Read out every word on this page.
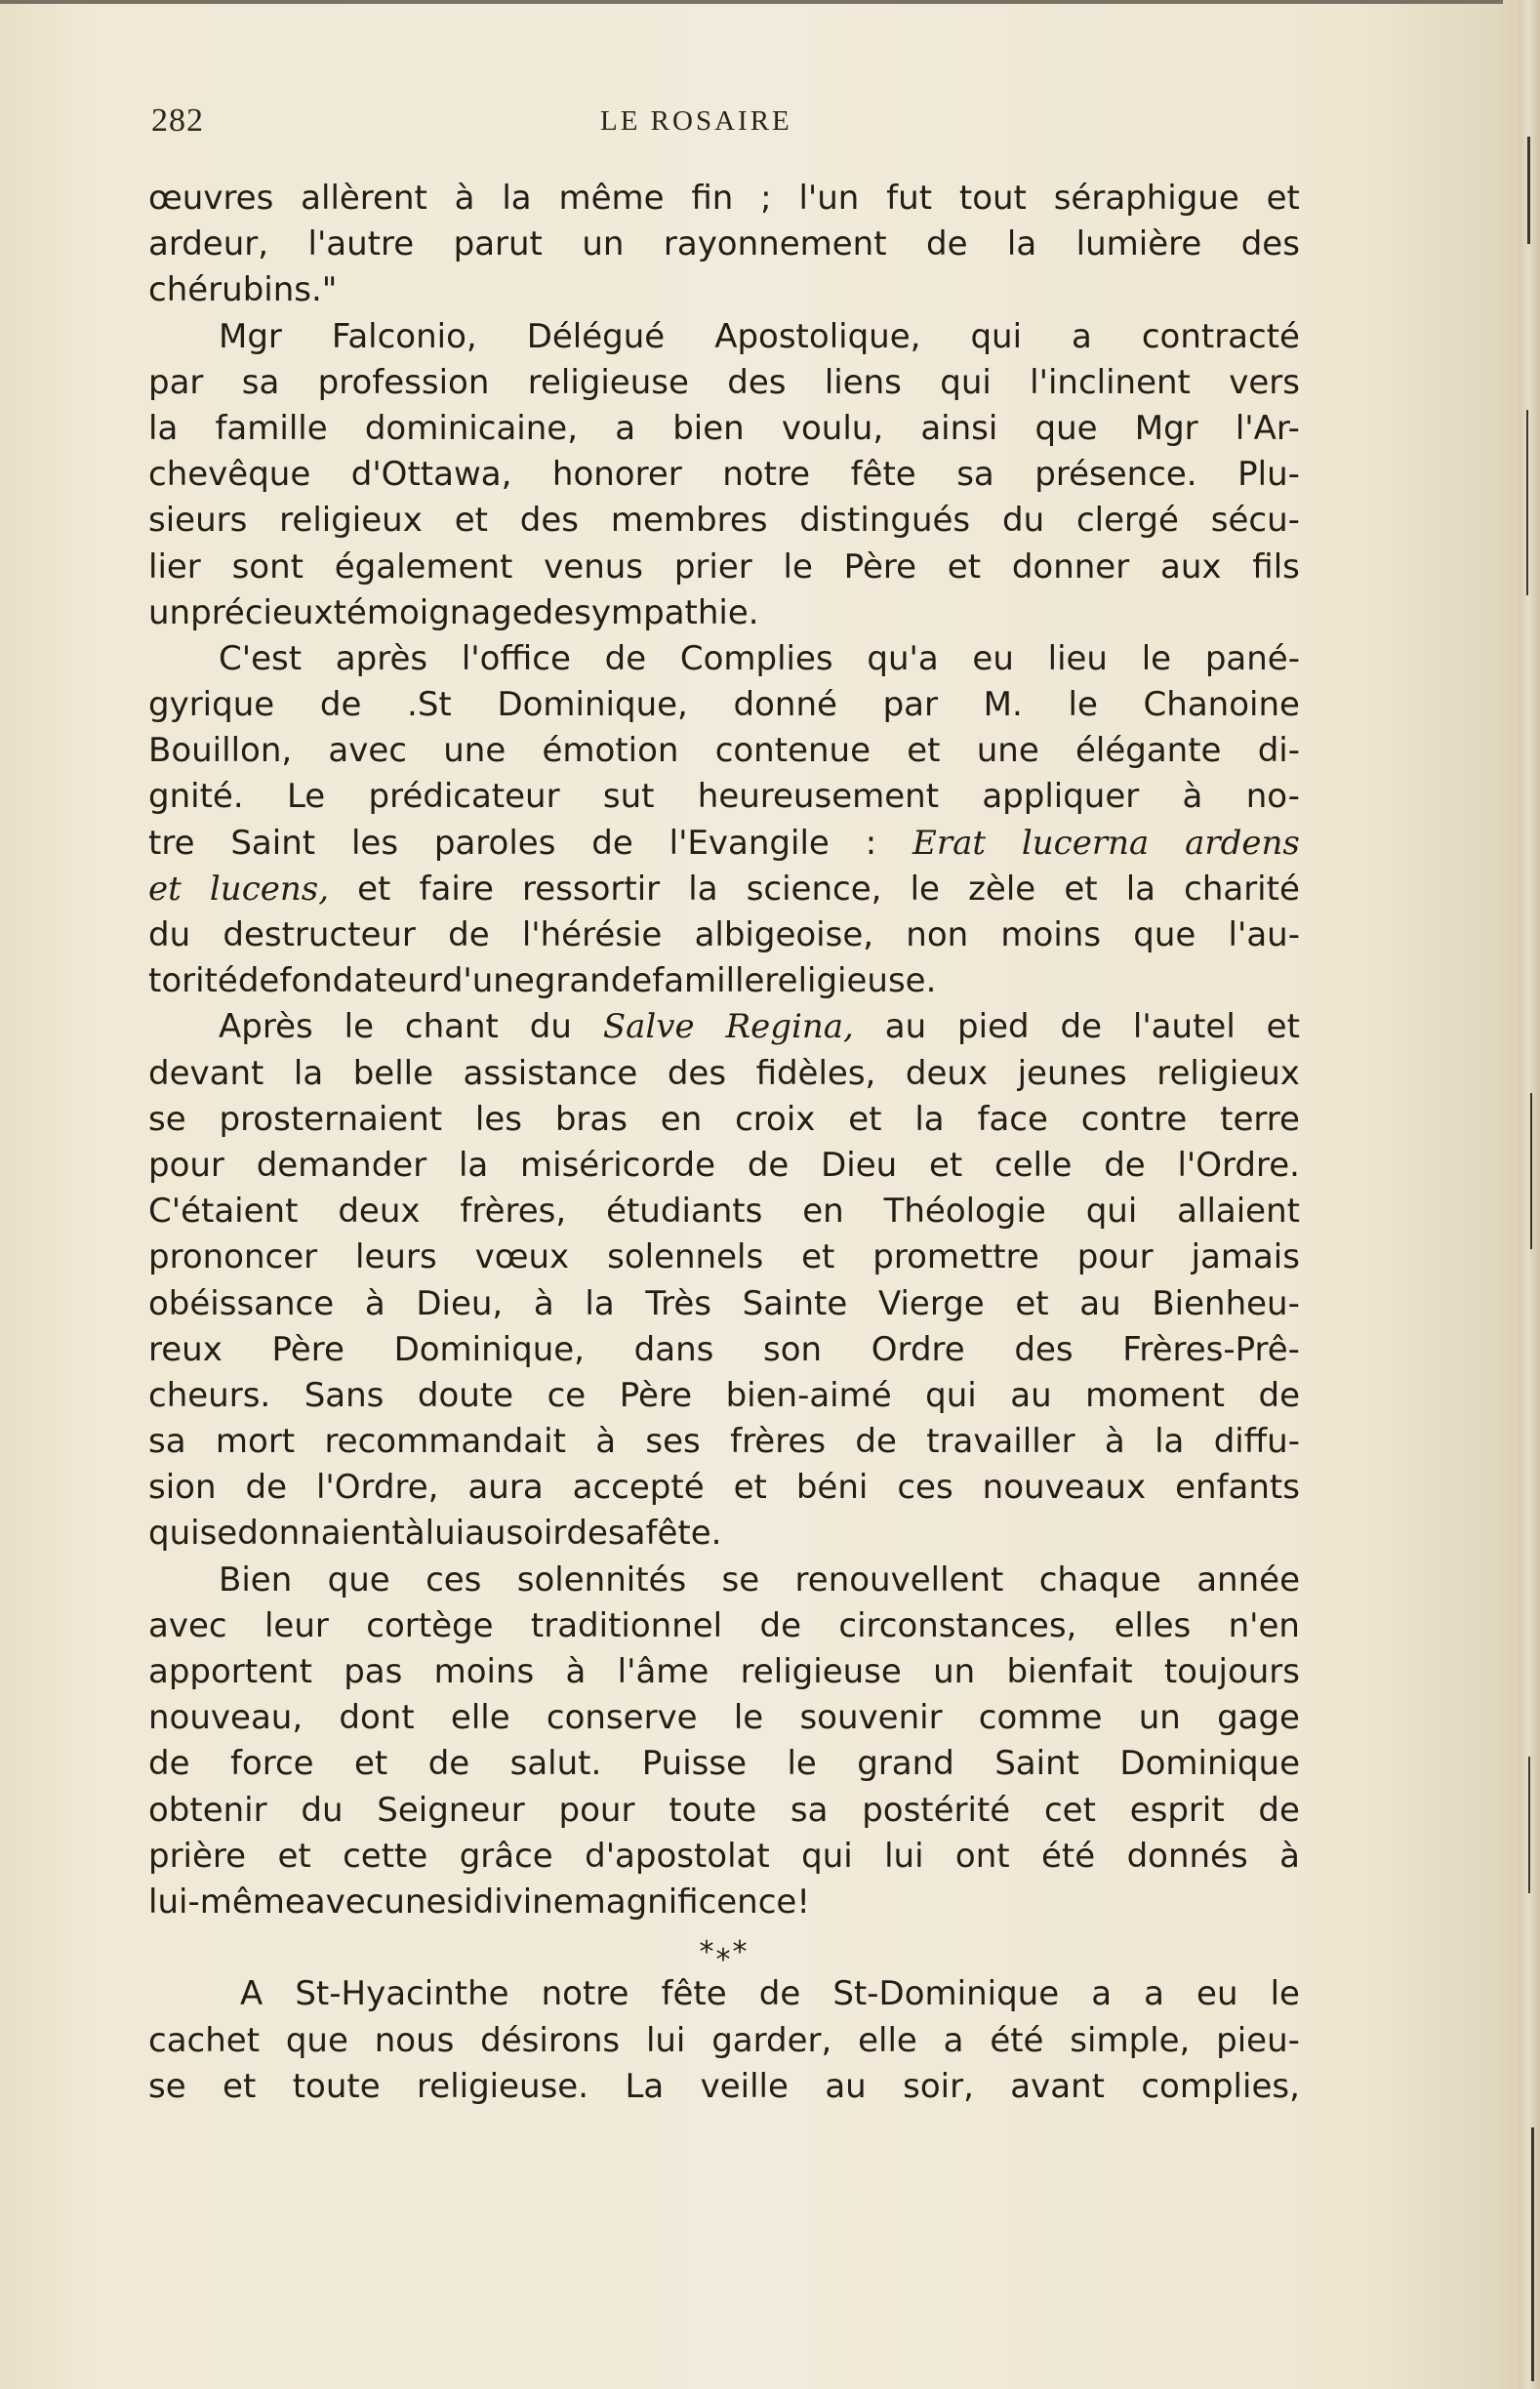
282	LE ROSAIRE
œuvres allèrent à la même fin ; l'un fut tout séraphigue et
ardeur, l'autre parut un rayonnement de la lumière des
chérubins."
Mgr Falconio, Délégué Apostolique, qui a contracté
par sa profession religieuse des liens qui l'inclinent vers
la famille dominicaine, a bien voulu, ainsi que Mgr l'Ar-
chevêque d'Ottawa, honorer notre fête sa présence. Plu-
sieurs religieux et des membres distingués du clergé sécu-
lier sont également venus prier le Père et donner aux fils
un précieux témoignage de sympathie.
C'est après l'office de Complies qu'a eu lieu le pané-
gyrique de .St Dominique, donné par M. le Chanoine
Bouillon, avec une émotion contenue et une élégante di-
gnité. Le prédicateur sut heureusement appliquer à no-
tre Saint les paroles de l'Evangile : Erat lucerna ardens
et lucens, et faire ressortir la science, le zèle et la charité
du destructeur de l'hérésie albigeoise, non moins que l'au-
torité de fondateur d'une grande famille religieuse.
Après le chant du Salve Regina, au pied de l'autel et
devant la belle assistance des fidèles, deux jeunes religieux
se prosternaient les bras en croix et la face contre terre
pour demander la miséricorde de Dieu et celle de l'Ordre.
C'étaient deux frères, étudiants en Théologie qui allaient
prononcer leurs vœux solennels et promettre pour jamais
obéissance à Dieu, à la Très Sainte Vierge et au Bienheu-
reux Père Dominique, dans son Ordre des Frères-Prê-
cheurs. Sans doute ce Père bien-aimé qui au moment de
sa mort recommandait à ses frères de travailler à la diffu-
sion de l'Ordre, aura accepté et béni ces nouveaux enfants
qui se donnaient à lui au soir de sa fête.
Bien que ces solennités se renouvellent chaque année
avec leur cortège traditionnel de circonstances, elles n'en
apportent pas moins à l'âme religieuse un bienfait toujours
nouveau, dont elle conserve le souvenir comme un gage
de force et de salut. Puisse le grand Saint Dominique
obtenir du Seigneur pour toute sa postérité cet esprit de
prière et cette grâce d'apostolat qui lui ont été donnés à
lui-même avec une si divine magnificence !
* * *
A St-Hyacinthe notre fête de St-Dominique a a eu le
cachet que nous désirons lui garder, elle a été simple, pieu-
se et toute religieuse. La veille au soir, avant complies,
